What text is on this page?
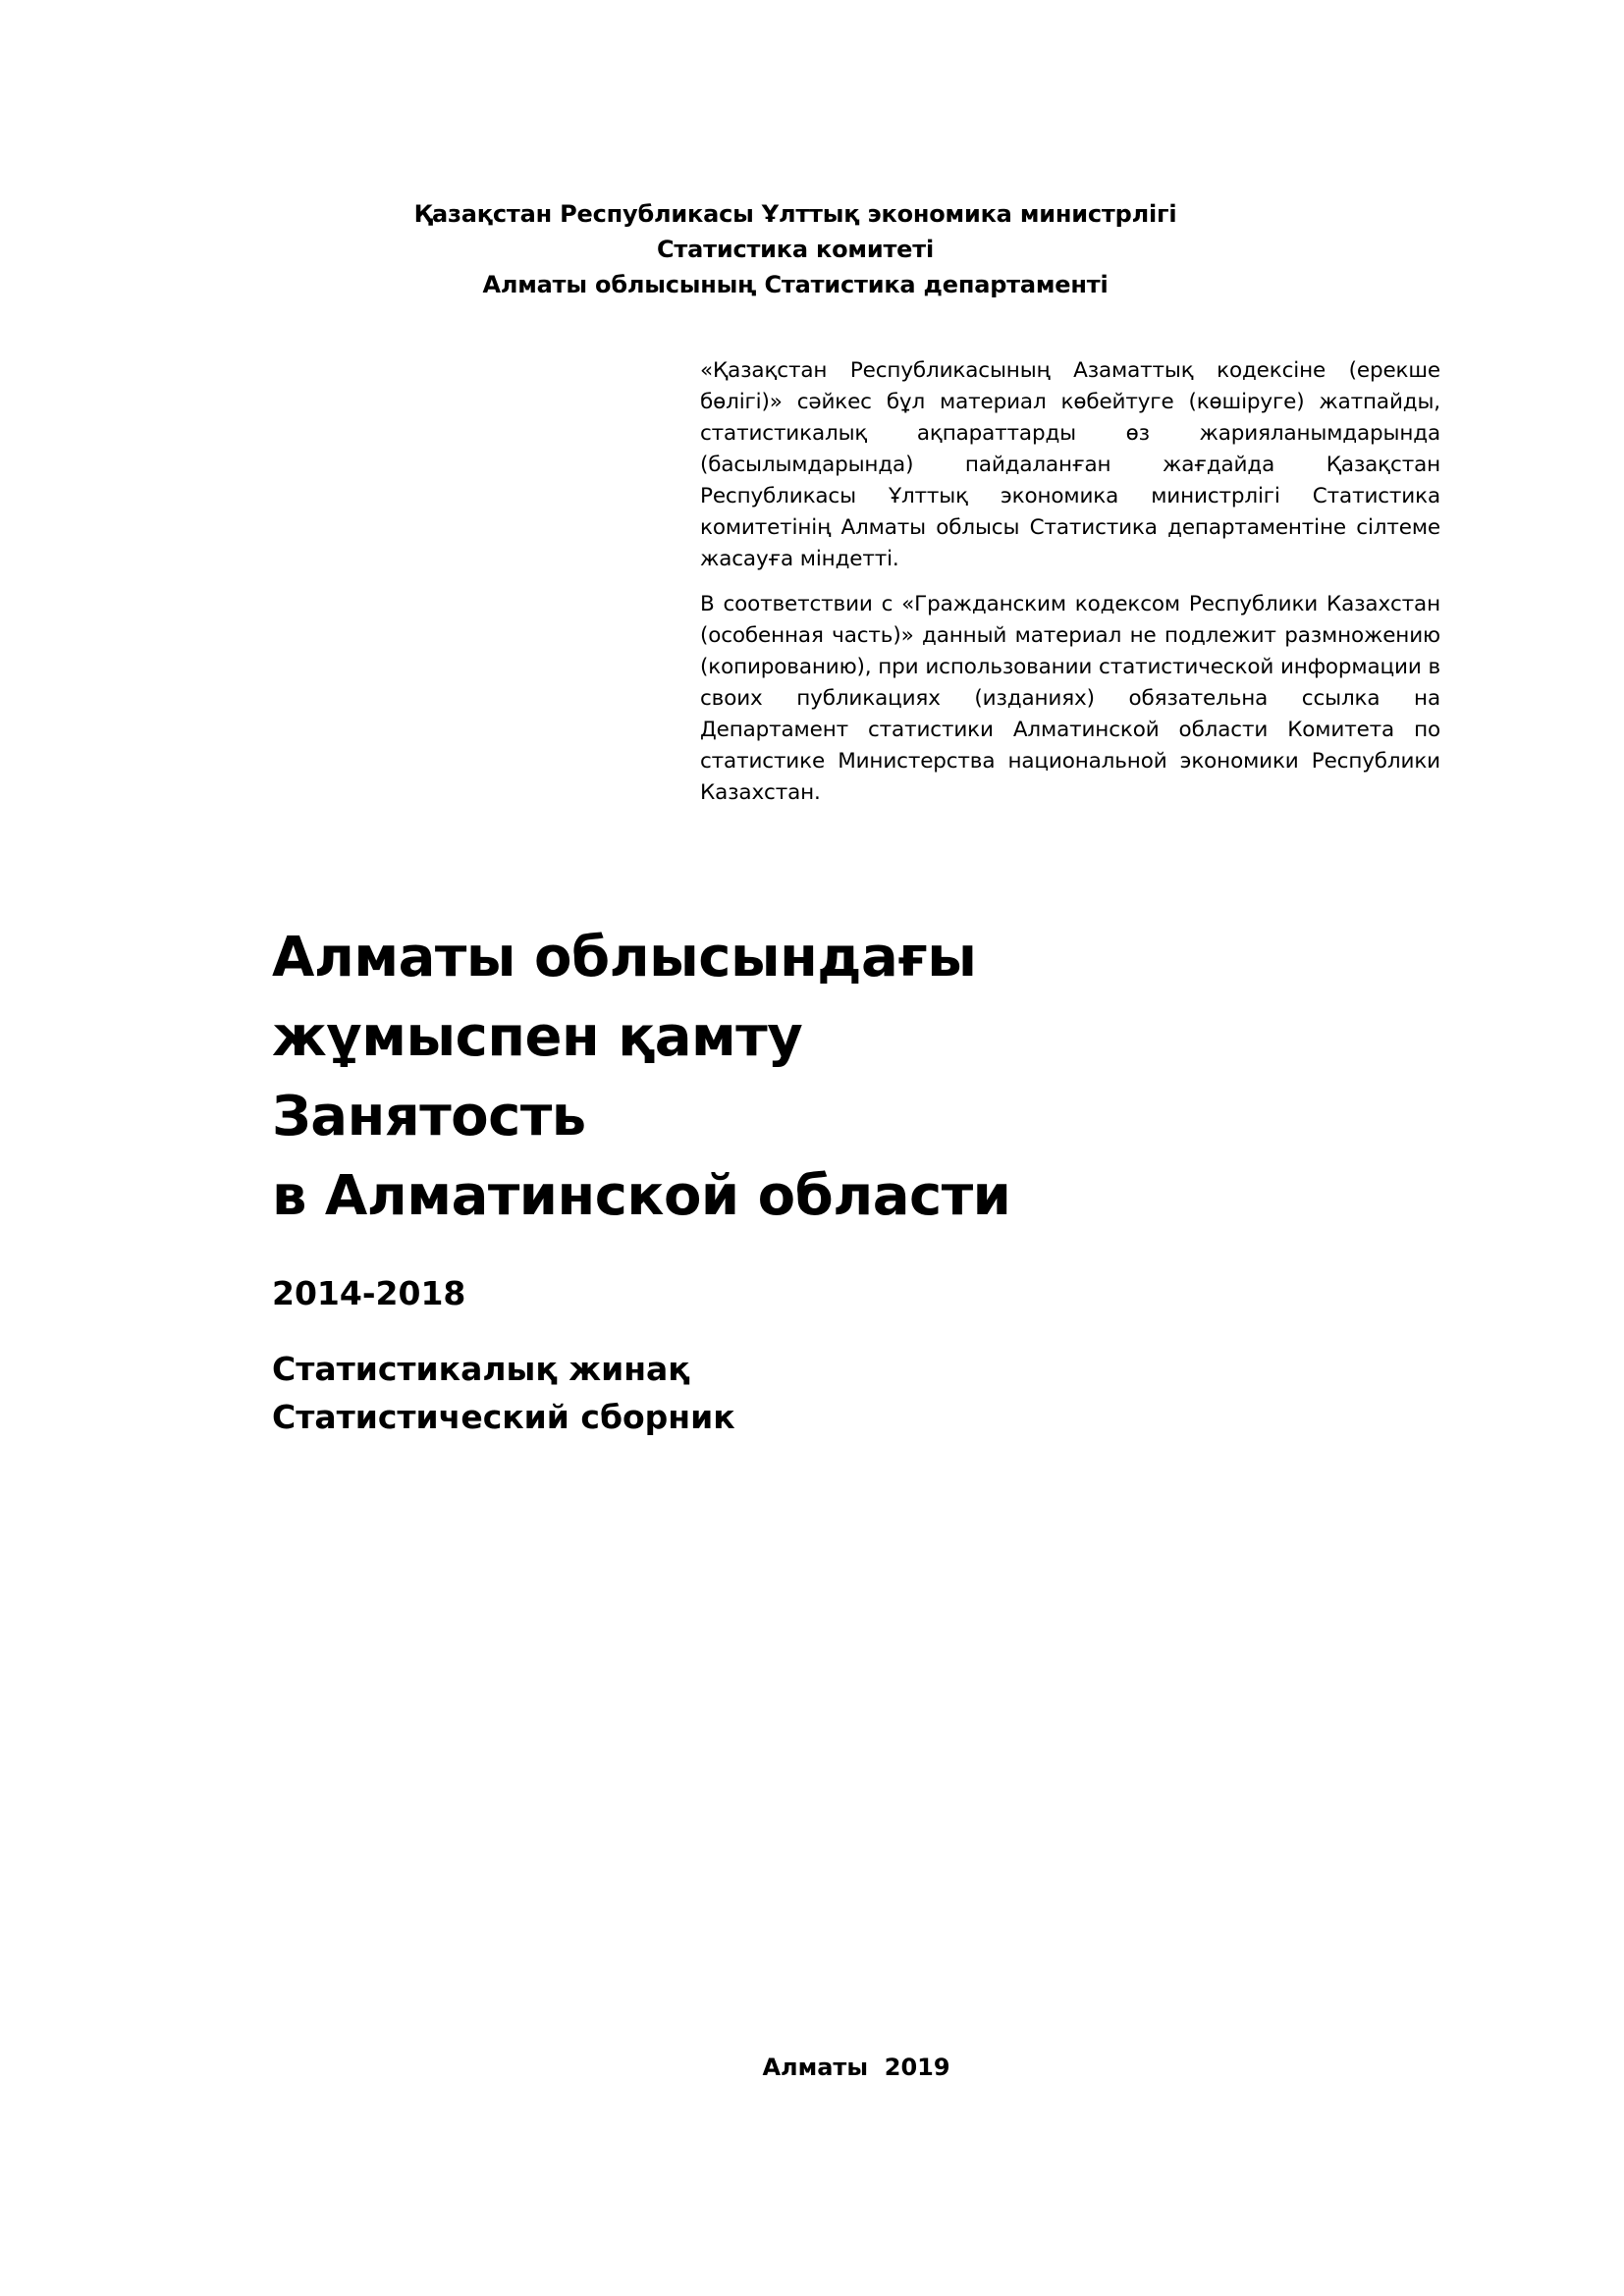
Қазақстан Республикасы Ұлттық экономика министрлігі
Статистика комитеті
Алматы облысының Статистика департаменті

«Қазақстан Республикасының Азаматтық кодексіне (ерекше бөлігі)» сәйкес бұл материал көбейтуге (көшіруге) жатпайды, статистикалық ақпараттарды өз жарияланымдарында (басылымдарында) пайдаланған жағдайда Қазақстан Республикасы Ұлттық экономика министрлігі Статистика комитетінің Алматы облысы Статистика департаментіне сілтеме жасауға міндетті.

В соответствии с «Гражданским кодексом Республики Казахстан (особенная часть)» данный материал не подлежит размножению (копированию), при использовании статистической информации в своих публикациях (изданиях) обязательна ссылка на Департамент статистики Алматинской области Комитета по статистике Министерства национальной экономики Республики Казахстан.

Алматы облысындағы
жұмыспен қамту
Занятость
в Алматинской области
2014-2018
Статистикалық жинақ
Статистический сборник
Алматы  2019
